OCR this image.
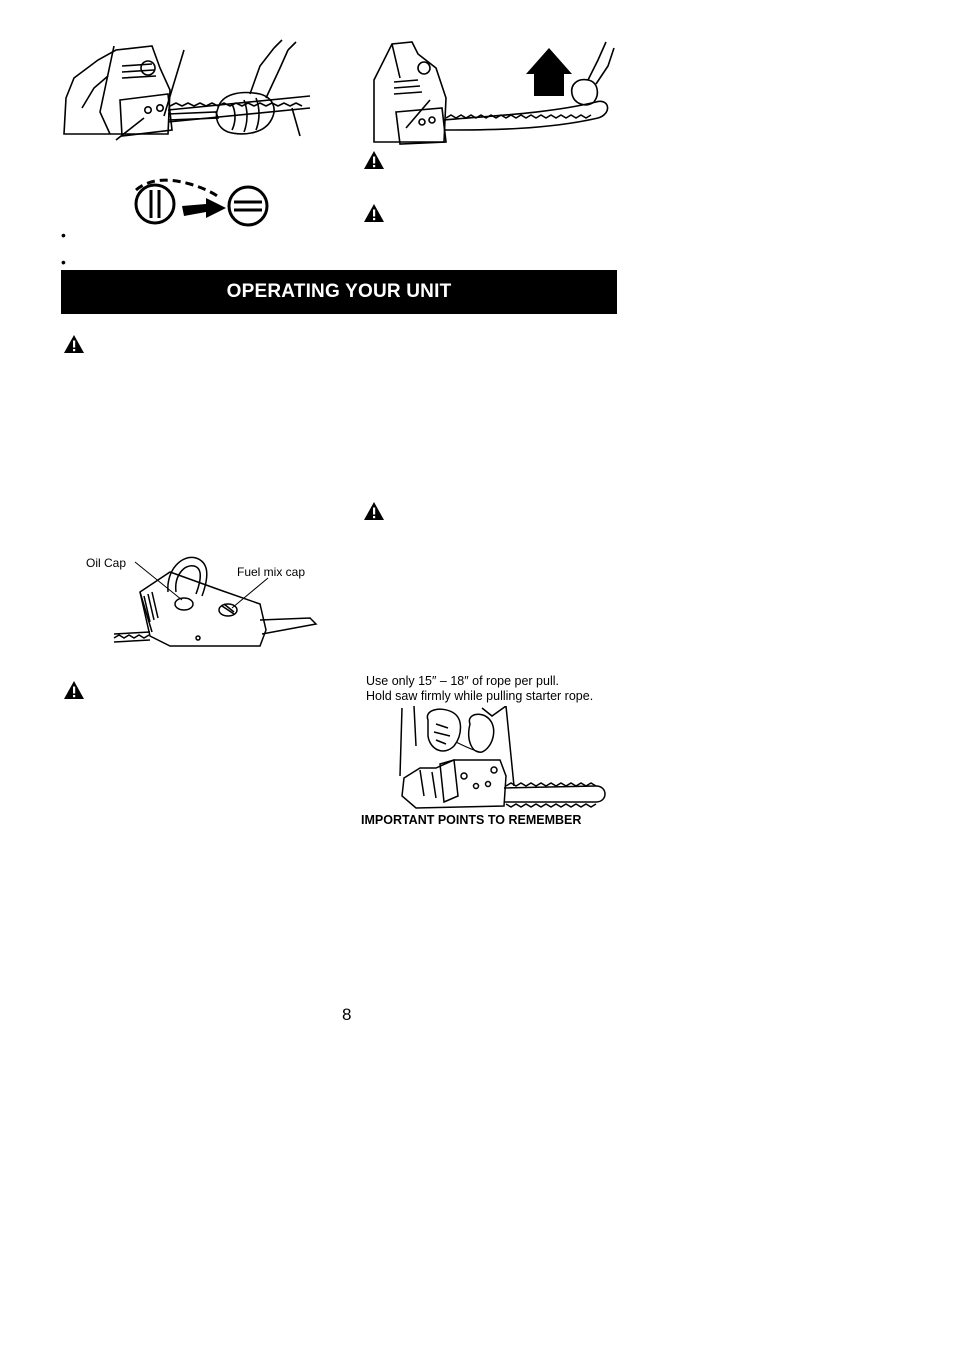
•
•
OPERATING YOUR UNIT
Oil Cap
Fuel mix cap
Use only 15″ – 18″ of rope per pull.
Hold saw firmly while pulling starter rope.
IMPORTANT POINTS TO REMEMBER
8
